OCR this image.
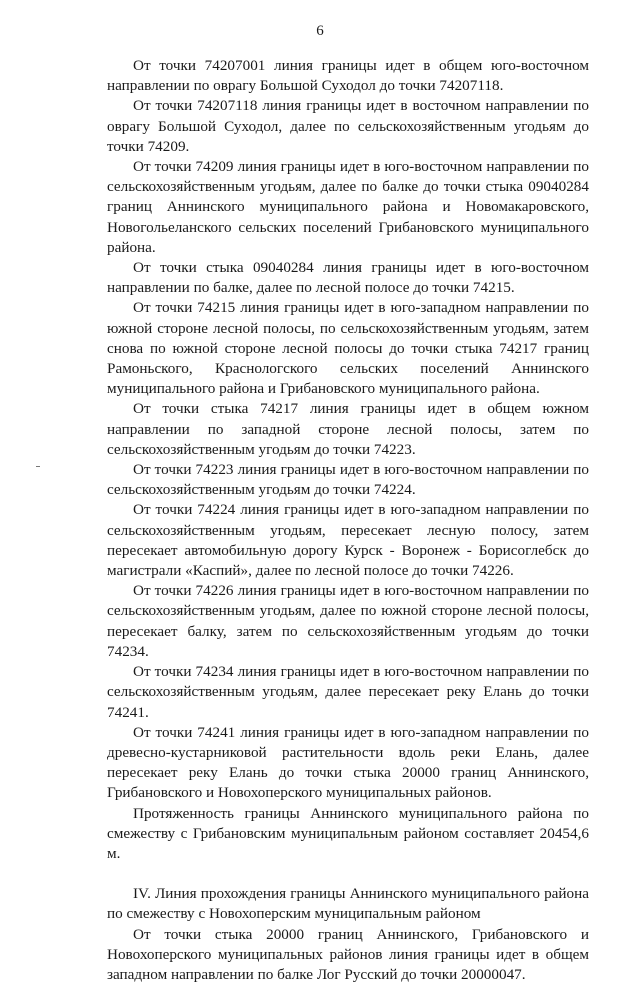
6

От точки 74207001 линия границы идет в общем юго-восточном направлении по оврагу Большой Суходол до точки 74207118.

От точки 74207118 линия границы идет в восточном направлении по оврагу Большой Суходол, далее по сельскохозяйственным угодьям до точки 74209.

От точки 74209 линия границы идет в юго-восточном направлении по сельскохозяйственным угодьям, далее по балке до точки стыка 09040284 границ Аннинского муниципального района и Новомакаровского, Новогольеланского сельских поселений Грибановского муниципального района.

От точки стыка 09040284 линия границы идет в юго-восточном направлении по балке, далее по лесной полосе до точки 74215.

От точки 74215 линия границы идет в юго-западном направлении по южной стороне лесной полосы, по сельскохозяйственным угодьям, затем снова по южной стороне лесной полосы до точки стыка 74217 границ Рамоньского, Краснологского сельских поселений Аннинского муниципального района и Грибановского муниципального района.

От точки стыка 74217 линия границы идет в общем южном направлении по западной стороне лесной полосы, затем по сельскохозяйственным угодьям до точки 74223.

От точки 74223 линия границы идет в юго-восточном направлении по сельскохозяйственным угодьям до точки 74224.

От точки 74224 линия границы идет в юго-западном направлении по сельскохозяйственным угодьям, пересекает лесную полосу, затем пересекает автомобильную дорогу Курск - Воронеж - Борисоглебск до магистрали «Каспий», далее по лесной полосе до точки 74226.

От точки 74226 линия границы идет в юго-восточном направлении по сельскохозяйственным угодьям, далее по южной стороне лесной полосы, пересекает балку, затем по сельскохозяйственным угодьям до точки 74234.

От точки 74234 линия границы идет в юго-восточном направлении по сельскохозяйственным угодьям, далее пересекает реку Елань до точки 74241.

От точки 74241 линия границы идет в юго-западном направлении по древесно-кустарниковой растительности вдоль реки Елань, далее пересекает реку Елань до точки стыка 20000 границ Аннинского, Грибановского и Новохоперского муниципальных районов.

Протяженность границы Аннинского муниципального района по смежеству с Грибановским муниципальным районом составляет 20454,6 м.

IV. Линия прохождения границы Аннинского муниципального района по смежеству с Новохоперским муниципальным районом

От точки стыка 20000 границ Аннинского, Грибановского и Новохоперского муниципальных районов линия границы идет в общем западном направлении по балке Лог Русский до точки 20000047.
